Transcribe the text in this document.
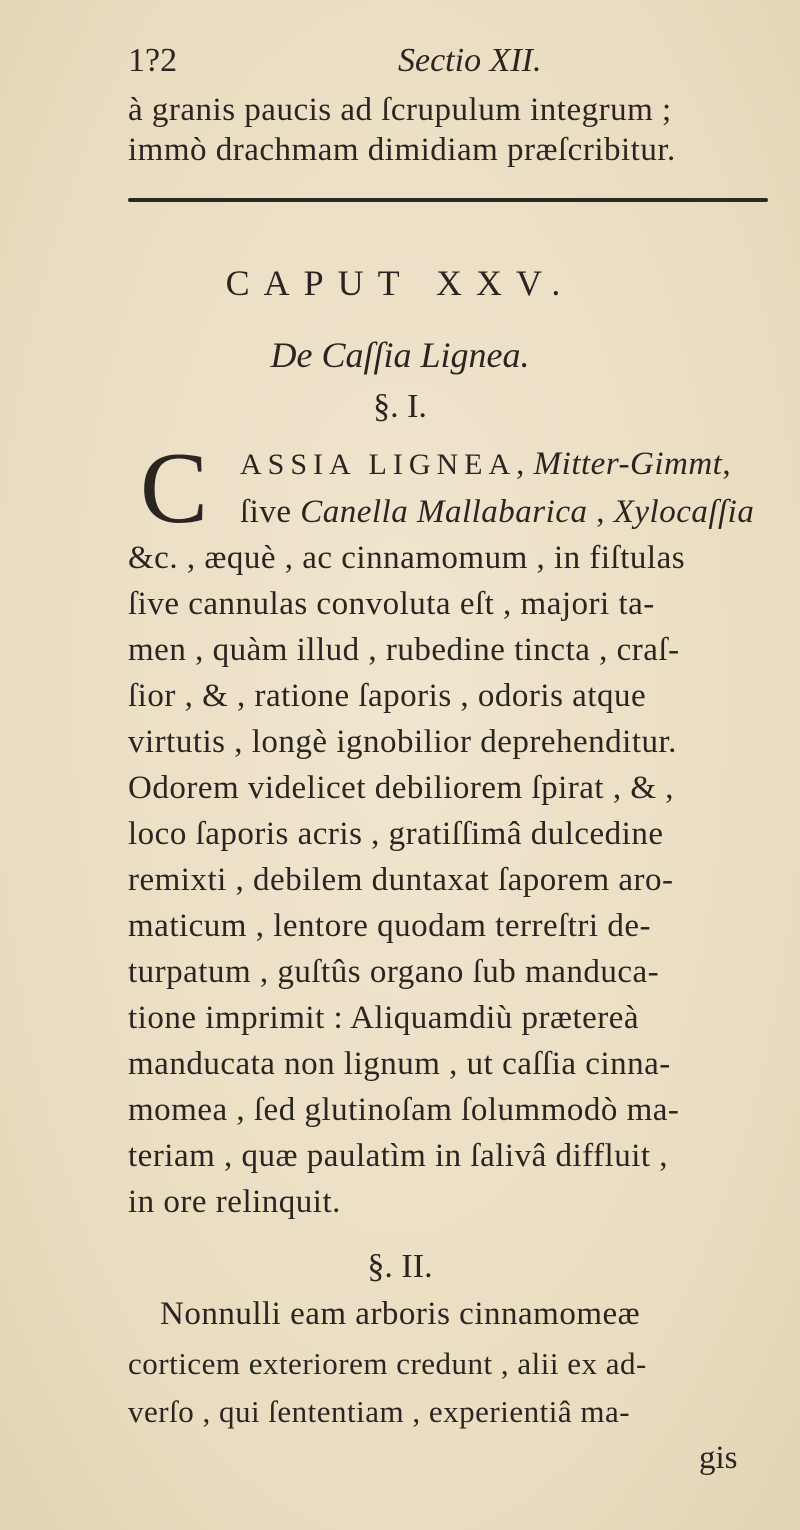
1?2	Sectio XII.
à granis paucis ad ſcrupulum integrum ;
immò drachmam dimidiam præſcribitur.
CAPUT XXV.
De Caſſia Lignea.
§. I.
C ASSIA LIGNEA, Mitter-Gimmt,
ſive Canella Mallabarica , Xylocaſſia
&c. , æquè , ac cinnamomum , in fiſtulas
ſive cannulas convoluta eſt , majori ta-
men , quàm illud , rubedine tincta , craſ-
ſior , & , ratione ſaporis , odoris atque
virtutis , longè ignobilior deprehenditur.
Odorem videlicet debiliorem ſpirat , & ,
loco ſaporis acris , gratiſſimâ dulcedine
remixti , debilem duntaxat ſaporem aro-
maticum , lentore quodam terreſtri de-
turpatum , guſtûs organo ſub manduca-
tione imprimit : Aliquamdiù prætereà
manducata non lignum , ut caſſia cinna-
momea , ſed glutinoſam ſolummodò ma-
teriam , quæ paulatìm in ſalivâ diffluit ,
in ore relinquit.
§. II.
Nonnulli eam arboris cinnamomeæ
corticem exteriorem credunt , alii ex ad-
verſo , qui ſententiam , experientiâ ma-
gis
